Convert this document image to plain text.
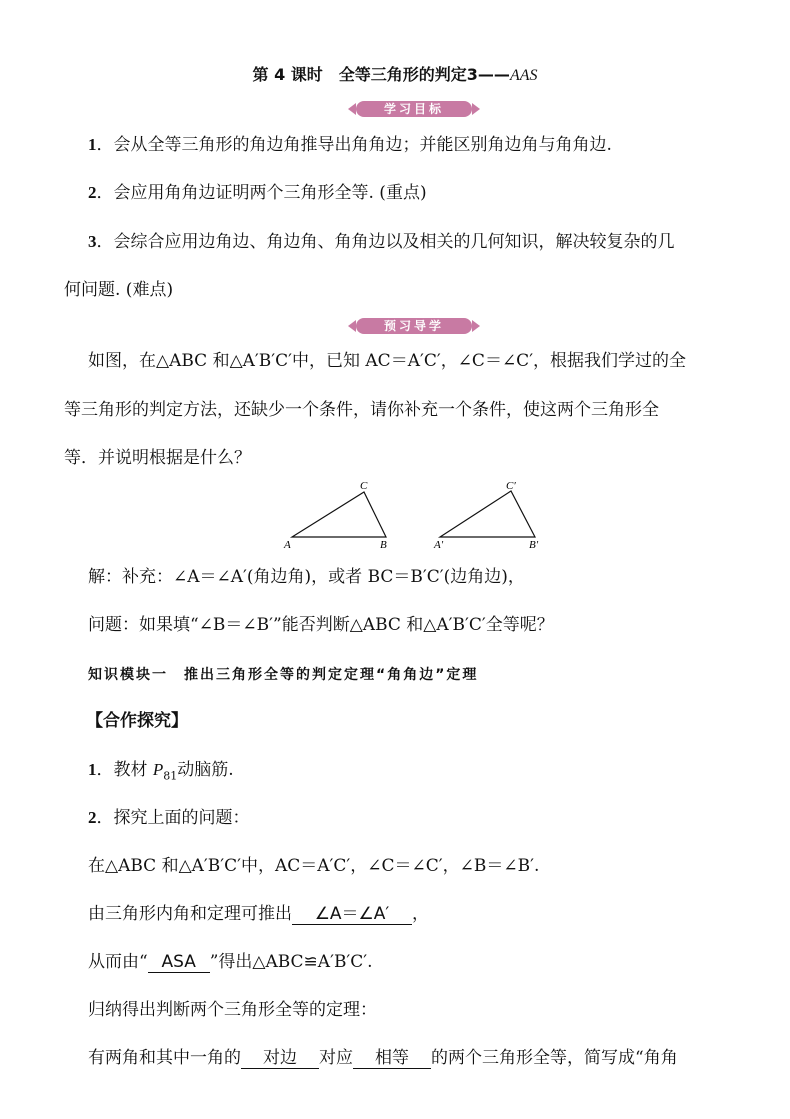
第 4 课时　全等三角形的判定3——AAS
学习目标
1．会从全等三角形的角边角推导出角角边；并能区别角边角与角角边.
2．会应用角角边证明两个三角形全等. (重点)
3．会综合应用边角边、角边角、角角边以及相关的几何知识，解决较复杂的几
何问题. (难点)
预习导学
如图，在△ABC 和△A′B′C′中，已知 AC＝A′C′，∠C＝∠C′，根据我们学过的全
等三角形的判定方法，还缺少一个条件，请你补充一个条件，使这两个三角形全
等．并说明根据是什么？
A	B
C
A′	B′
C′
解：补充：∠A＝∠A′(角边角)，或者 BC＝B′C′(边角边)，
问题：如果填“∠B＝∠B′”能否判断△ABC 和△A′B′C′全等呢？
知识模块一　推出三角形全等的判定定理“角角边”定理
【合作探究】
1．教材 $P_{81}$动脑筋.
2．探究上面的问题：
在△ABC 和△A′B′C′中，AC＝A′C′，∠C＝∠C′，∠B＝∠B′.
由三角形内角和定理可推出 ∠A＝∠A′ ，
从而由“ ASA ”得出△ABC≌A′B′C′.
归纳得出判断两个三角形全等的定理：
有两角和其中一角的 对边 对应 相等 的两个三角形全等，简写成“角角
